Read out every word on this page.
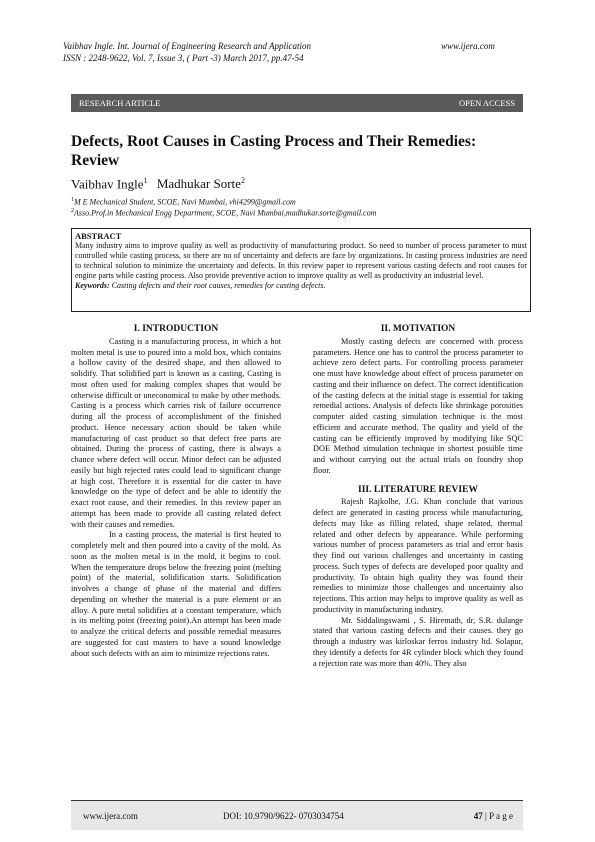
Vaibhav Ingle. Int. Journal of Engineering Research and Application	www.ijera.com
ISSN : 2248-9622, Vol. 7, Issue 3, ( Part -3) March 2017, pp.47-54
RESEARCH ARTICLE	OPEN ACCESS
Defects, Root Causes in Casting Process and Their Remedies:
Review
Vaibhav Ingle$^1$ Madhukar Sorte$^2$
$^1$M E Mechanical Student, SCOE, Navi Mumbai, vhi4299@gmail.com
$^2$Asso.Prof.in Mechanical Engg Department, SCOE, Navi Mumbai,madhukar.sorte@gmail.com
ABSTRACT
Many industry aims to improve quality as well as productivity of manufacturing product. So need to number of process parameter to must controlled while casting process, so there are no of uncertainty and defects are face by organizations. In casting process industries are need to technical solution to minimize the uncertainty and defects. In this review paper to represent various casting defects and root causes for engine parts while casting process. Also provide preventive action to improve quality as well as productivity an industrial level.
Keywords: Casting defects and their root causes, remedies for casting defects.
I. INTRODUCTION

Casting is a manufacturing process, in which a hot molten metal is use to poured into a mold box, which contains a hollow cavity of the desired shape, and then allowed to solidify. That solidified part is known as a casting, Casting is most often used for making complex shapes that would be otherwise difficult or uneconomical to make by other methods. Casting is a process which carries risk of failure occurrence during all the process of accomplishment of the finished product. Hence necessary action should be taken while manufacturing of cast product so that defect free parts are obtained. During the process of casting, there is always a chance where defect will occur. Minor defect can be adjusted easily but high rejected rates could lead to significant change at high cost. Therefore it is essential for die caster to have knowledge on the type of defect and be able to identify the exact root cause, and their remedies. In this review paper an attempt has been made to provide all casting related defect with their causes and remedies.

In a casting process, the material is first heated to completely melt and then poured into a cavity of the mold. As soon as the molten metal is in the mold, it begins to cool. When the temperature drops below the freezing point (melting point) of the material, solidification starts. Solidification involves a change of phase of the material and differs depending on whether the material is a pure element or an alloy. A pure metal solidifies at a constant temperature, which is its melting point (freezing point).An attempt has been made to analyze the critical defects and possible remedial measures are suggested for cast masters to have a sound knowledge about such defects with an aim to minimize rejections rates.

II. MOTIVATION

Mostly casting defects are concerned with process parameters. Hence one has to control the process parameter to achieve zero defect parts. For controlling process parameter one must have knowledge about effect of process parameter on casting and their influence on defect. The correct identification of the casting defects at the initial stage is essential for taking remedial actions. Analysis of defects like shrinkage porosities computer aided casting simulation technique is the most efficient and accurate method. The quality and yield of the casting can be efficiently improved by modifying like SQC DOE Method simulation technique in shortest possible time and without carrying out the actual trials on foundry shop floor.

III. LITERATURE REVIEW

Rajesh Rajkolhe, J.G. Khan conclude that various defect are generated in casting process while manufacturing, defects may like as filling related, shape related, thermal related and other defects by appearance. While performing various number of process parameters as trial and error basis they find out various challenges and uncertainty in casting process. Such types of defects are developed poor quality and productivity. To obtain high quality they was found their remedies to minimize those challenges and uncertainty also rejections. This action may helps to improve quality as well as productivity in manufacturing industry.

Mr. Siddalingswami , S. Hiremath, dr, S.R. dulange stated that various casting defects and their causes. they go through a industry was kirloskar ferros industry ltd. Solapur, they identify a defects for 4R cylinder block which they found a rejection rate was more than 40%. They also

www.ijera.com	DOI: 10.9790/9622- 0703034754	47 | P a g e
